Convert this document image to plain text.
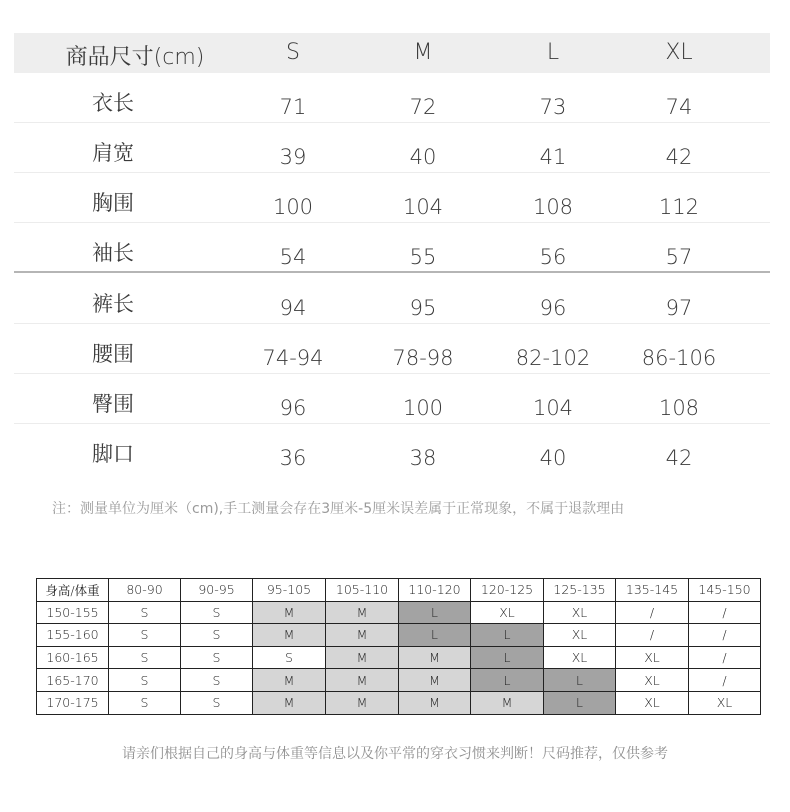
商品尺寸(cm)	S	M	L	XL
衣长	71	72	73	74
肩宽	39	40	41	42
胸围	100	104	108	112
袖长	54	55	56	57
裤长	94	95	96	97
腰围	74-94	78-98	82-102 86-106
臀围	96	100	104	108
脚口	36	38	40	42
注：测量单位为厘米（cm),手工测量会存在3厘米-5厘米误差属于正常现象，不属于退款理由
身高/体重	80-90	90-95	95-105	105-110	110-120	120-125	125-135	135-145	145-150
150-155	S	S	M	M	L	XL	XL	/	/
155-160	S	S	M	M	L	L	XL	/	/
160-165	S	S	S	M	M	L	XL	XL	/
165-170	S	S	M	M	M	L	L	XL	/
170-175	S	S	M	M	M	M	L	XL	XL
请亲们根据自己的身高与体重等信息以及你平常的穿衣习惯来判断！尺码推荐，仅供参考
